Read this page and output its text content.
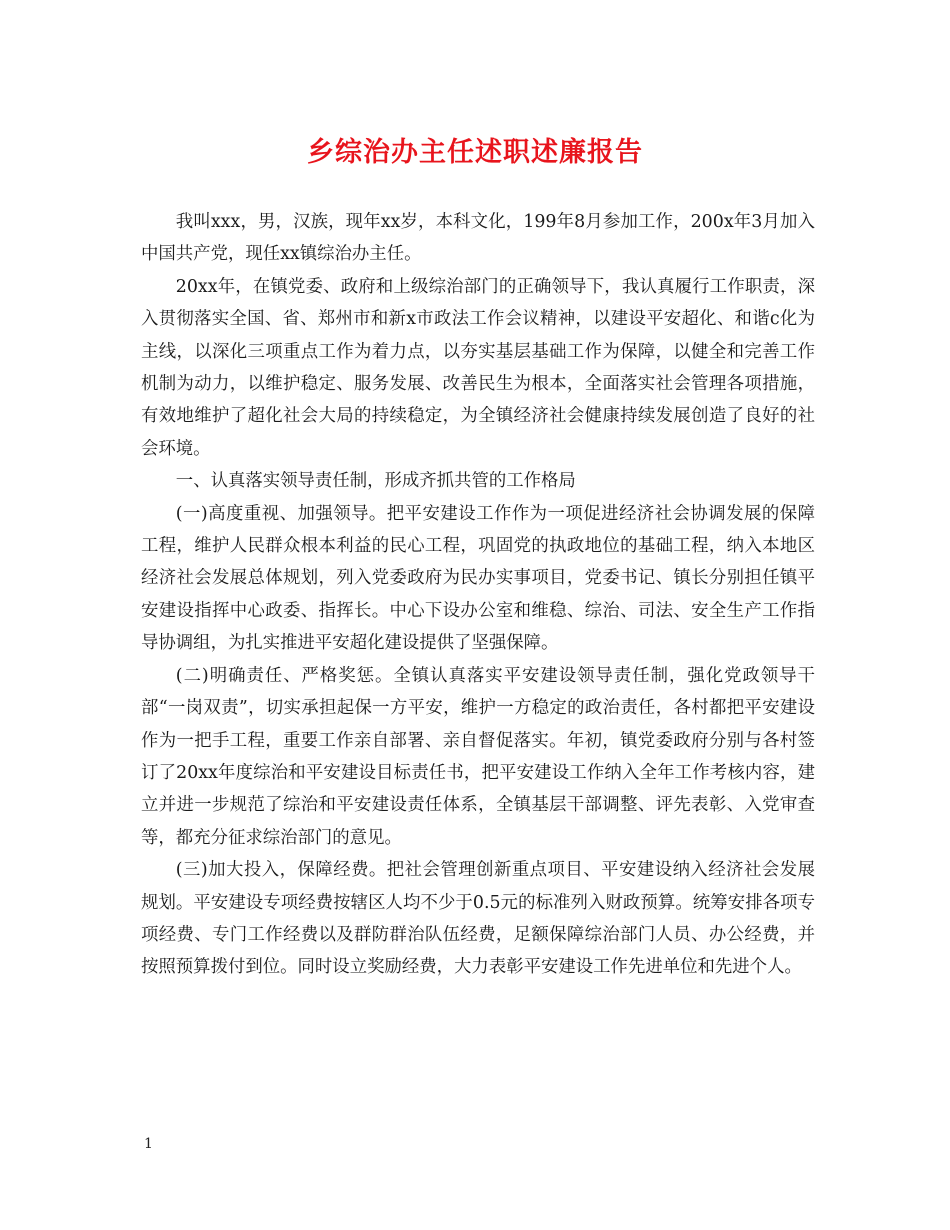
乡综治办主任述职述廉报告

我叫xxx，男，汉族，现年xx岁，本科文化，199年8月参加工作，200x年3月加入中国共产党，现任xx镇综治办主任。

20xx年，在镇党委、政府和上级综治部门的正确领导下，我认真履行工作职责，深入贯彻落实全国、省、郑州市和新x市政法工作会议精神，以建设平安超化、和谐c化为主线，以深化三项重点工作为着力点，以夯实基层基础工作为保障，以健全和完善工作机制为动力，以维护稳定、服务发展、改善民生为根本，全面落实社会管理各项措施，有效地维护了超化社会大局的持续稳定，为全镇经济社会健康持续发展创造了良好的社会环境。

一、认真落实领导责任制，形成齐抓共管的工作格局

(一)高度重视、加强领导。把平安建设工作作为一项促进经济社会协调发展的保障工程，维护人民群众根本利益的民心工程，巩固党的执政地位的基础工程，纳入本地区经济社会发展总体规划，列入党委政府为民办实事项目，党委书记、镇长分别担任镇平安建设指挥中心政委、指挥长。中心下设办公室和维稳、综治、司法、安全生产工作指导协调组，为扎实推进平安超化建设提供了坚强保障。

(二)明确责任、严格奖惩。全镇认真落实平安建设领导责任制，强化党政领导干部“一岗双责”，切实承担起保一方平安，维护一方稳定的政治责任，各村都把平安建设作为一把手工程，重要工作亲自部署、亲自督促落实。年初，镇党委政府分别与各村签订了20xx年度综治和平安建设目标责任书，把平安建设工作纳入全年工作考核内容，建立并进一步规范了综治和平安建设责任体系，全镇基层干部调整、评先表彰、入党审查等，都充分征求综治部门的意见。

(三)加大投入，保障经费。把社会管理创新重点项目、平安建设纳入经济社会发展规划。平安建设专项经费按辖区人均不少于0.5元的标准列入财政预算。统筹安排各项专项经费、专门工作经费以及群防群治队伍经费，足额保障综治部门人员、办公经费，并按照预算拨付到位。同时设立奖励经费，大力表彰平安建设工作先进单位和先进个人。

1
